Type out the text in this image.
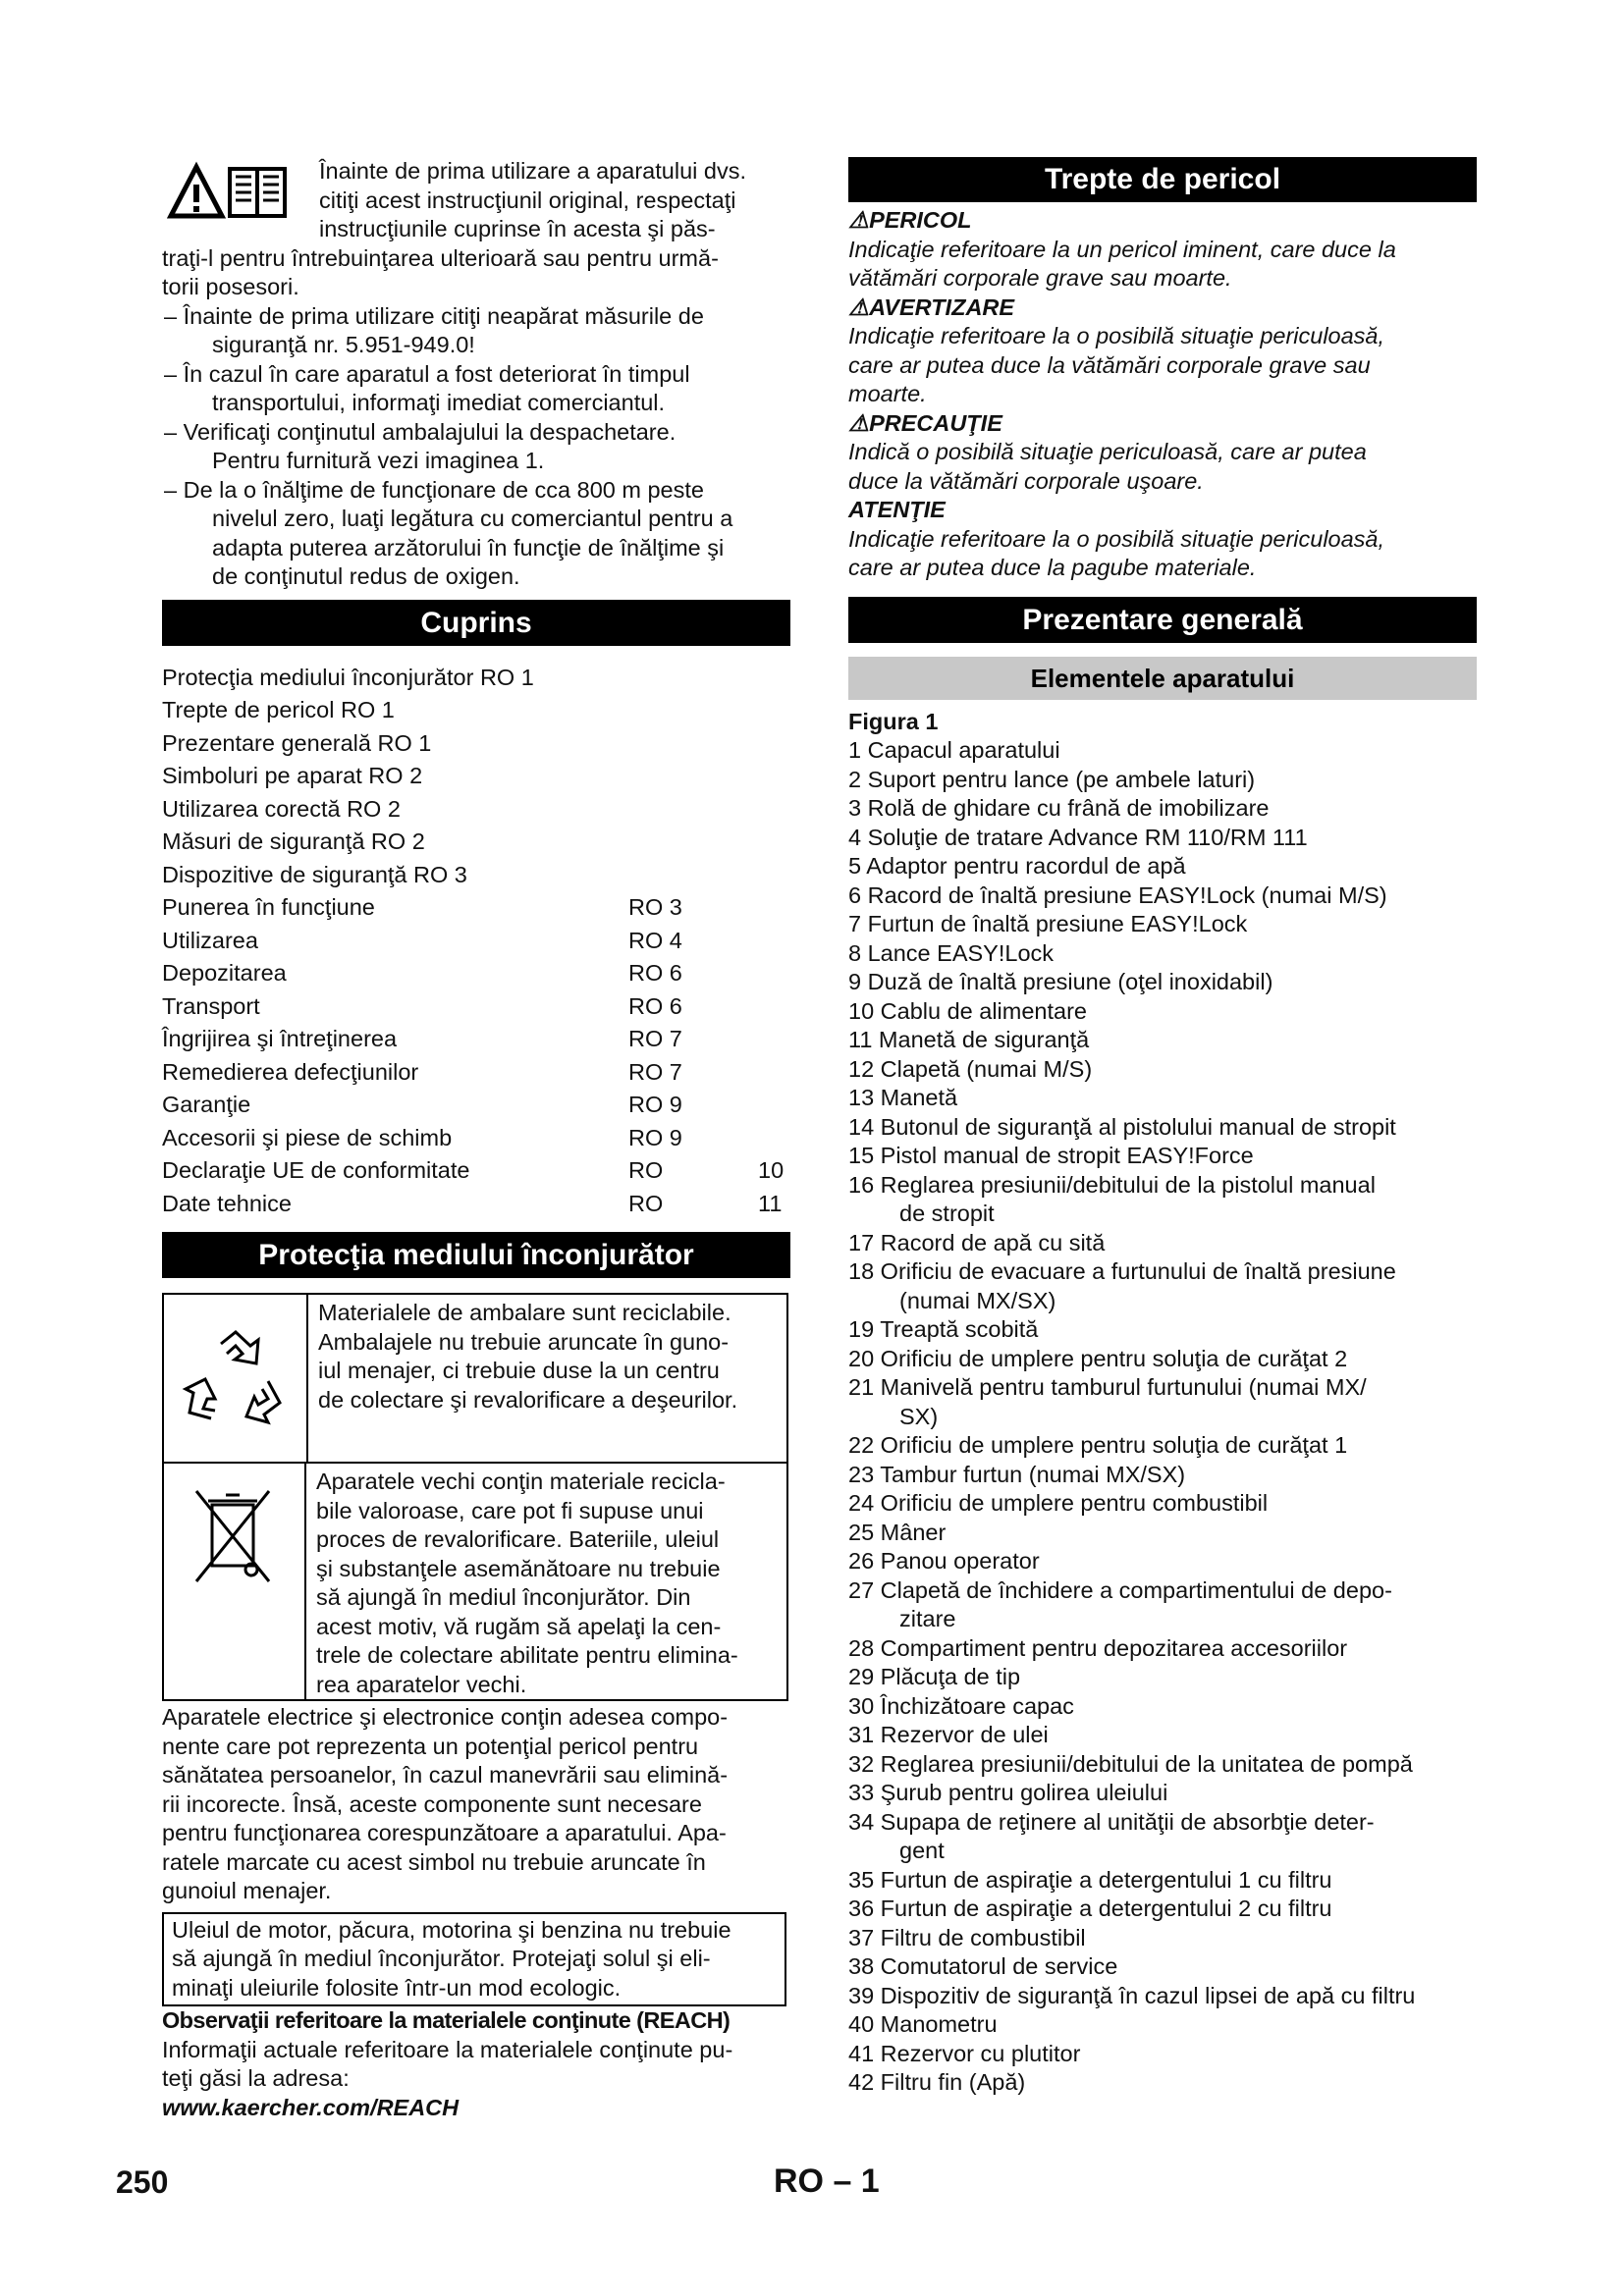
Înainte de prima utilizare a aparatului dvs.

citiţi acest instrucţiunil original, respectaţi

instrucţiunile cuprinse în acesta şi păs-

traţi-l pentru întrebuinţarea ulterioară sau pentru urmă-

torii posesori.

– Înainte de prima utilizare citiţi neapărat măsurile de

siguranţă nr. 5.951-949.0!

– În cazul în care aparatul a fost deteriorat în timpul

transportului, informaţi imediat comerciantul.

– Verificaţi conţinutul ambalajului la despachetare.

Pentru furnitură vezi imaginea 1.

– De la o înălţime de funcţionare de cca 800 m peste

nivelul zero, luaţi legătura cu comerciantul pentru a

adapta puterea arzătorului în funcţie de înălţime şi

de conţinutul redus de oxigen.

Cuprins
Protecţia mediului înconjurător RO 1
Trepte de pericol RO 1
Prezentare generală RO 1
Simboluri pe aparat RO 2
Utilizarea corectă RO 2
Măsuri de siguranţă RO 2
Dispozitive de siguranţă RO 3
Punerea în funcţiune	RO 3
Utilizarea	RO 4
Depozitarea	RO 6
Transport	RO 6
Îngrijirea şi întreţinerea	RO 7
Remedierea defecţiunilor	RO 7
Garanţie	RO 9
Accesorii şi piese de schimb	RO 9
Declaraţie UE de conformitate	RO	10
Date tehnice	RO	11
Protecţia mediului înconjurător

Materialele de ambalare sunt reciclabile.

Ambalajele nu trebuie aruncate în guno-

iul menajer, ci trebuie duse la un centru

de colectare şi revalorificare a deşeurilor.

Aparatele vechi conţin materiale recicla-

bile valoroase, care pot fi supuse unui

proces de revalorificare. Bateriile, uleiul

şi substanţele asemănătoare nu trebuie

să ajungă în mediul înconjurător. Din

acest motiv, vă rugăm să apelaţi la cen-

trele de colectare abilitate pentru elimina-

rea aparatelor vechi.

Aparatele electrice şi electronice conţin adesea compo-

nente care pot reprezenta un potenţial pericol pentru

sănătatea persoanelor, în cazul manevrării sau elimină-

rii incorecte. Însă, aceste componente sunt necesare

pentru funcţionarea corespunzătoare a aparatului. Apa-

ratele marcate cu acest simbol nu trebuie aruncate în

gunoiul menajer.

Uleiul de motor, păcura, motorina şi benzina nu trebuie

să ajungă în mediul înconjurător. Protejaţi solul şi eli-

minaţi uleiurile folosite într-un mod ecologic.

Observaţii referitoare la materialele conţinute (REACH)

Informaţii actuale referitoare la materialele conţinute pu-

teţi găsi la adresa:

www.kaercher.com/REACH

Trepte de pericol

⚠PERICOL

Indicaţie referitoare la un pericol iminent, care duce la

vătămări corporale grave sau moarte.

⚠AVERTIZARE

Indicaţie referitoare la o posibilă situaţie periculoasă,

care ar putea duce la vătămări corporale grave sau

moarte.

⚠PRECAUŢIE

Indică o posibilă situaţie periculoasă, care ar putea

duce la vătămări corporale uşoare.

ATENŢIE

Indicaţie referitoare la o posibilă situaţie periculoasă,

care ar putea duce la pagube materiale.

Prezentare generală
Elementele aparatului

Figura 1

1 Capacul aparatului

2 Suport pentru lance (pe ambele laturi)

3 Rolă de ghidare cu frână de imobilizare

4 Soluţie de tratare Advance RM 110/RM 111

5 Adaptor pentru racordul de apă

6 Racord de înaltă presiune EASY!Lock (numai M/S)

7 Furtun de înaltă presiune EASY!Lock

8 Lance EASY!Lock

9 Duză de înaltă presiune (oţel inoxidabil)

10 Cablu de alimentare

11 Manetă de siguranţă

12 Clapetă (numai M/S)

13 Manetă

14 Butonul de siguranţă al pistolului manual de stropit

15 Pistol manual de stropit EASY!Force

16 Reglarea presiunii/debitului de la pistolul manual

de stropit

17 Racord de apă cu sită

18 Orificiu de evacuare a furtunului de înaltă presiune

(numai MX/SX)

19 Treaptă scobită

20 Orificiu de umplere pentru soluţia de curăţat 2

21 Manivelă pentru tamburul furtunului (numai MX/

SX)

22 Orificiu de umplere pentru soluţia de curăţat 1

23 Tambur furtun (numai MX/SX)

24 Orificiu de umplere pentru combustibil

25 Mâner

26 Panou operator

27 Clapetă de închidere a compartimentului de depo-

zitare

28 Compartiment pentru depozitarea accesoriilor

29 Plăcuţa de tip

30 Închizătoare capac

31 Rezervor de ulei

32 Reglarea presiunii/debitului de la unitatea de pompă

33 Şurub pentru golirea uleiului

34 Supapa de reţinere al unităţii de absorbţie deter-

gent

35 Furtun de aspiraţie a detergentului 1 cu filtru

36 Furtun de aspiraţie a detergentului 2 cu filtru

37 Filtru de combustibil

38 Comutatorul de service

39 Dispozitiv de siguranţă în cazul lipsei de apă cu filtru

40 Manometru

41 Rezervor cu plutitor

42 Filtru fin (Apă)

250	RO – 1
